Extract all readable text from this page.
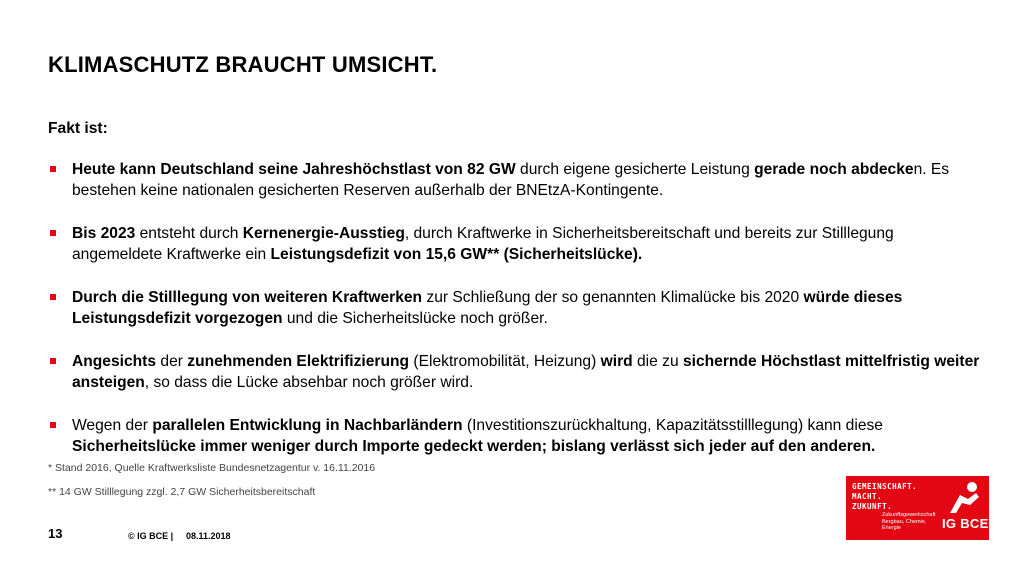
KLIMASCHUTZ BRAUCHT UMSICHT.
Fakt ist:
Heute kann Deutschland seine Jahreshöchstlast von 82 GW durch eigene gesicherte Leistung gerade noch abdecken. Es bestehen keine nationalen gesicherten Reserven außerhalb der BNEtzA-Kontingente.
Bis 2023 entsteht durch Kernenergie-Ausstieg, durch Kraftwerke in Sicherheitsbereitschaft und bereits zur Stilllegung angemeldete Kraftwerke ein Leistungsdefizit von 15,6 GW** (Sicherheitslücke).
Durch die Stilllegung von weiteren Kraftwerken zur Schließung der so genannten Klimalücke bis 2020 würde dieses Leistungsdefizit vorgezogen und die Sicherheitslücke noch größer.
Angesichts der zunehmenden Elektrifizierung (Elektromobilität, Heizung) wird die zu sichernde Höchstlast mittelfristig weiter ansteigen, so dass die Lücke absehbar noch größer wird.
Wegen der parallelen Entwicklung in Nachbarländern (Investitionszurückhaltung, Kapazitätsstilllegung) kann diese Sicherheitslücke immer weniger durch Importe gedeckt werden; bislang verlässt sich jeder auf den anderen.
* Stand 2016, Quelle Kraftwerksliste Bundesnetzagentur v. 16.11.2016
** 14 GW Stilllegung zzgl. 2,7 GW Sicherheitsbereitschaft
13	© IG BCE | 08.11.2018
GEMEINSCHAFT.
MACHT.
ZUKUNFT.
Zukunftsgewerkschaft
Bergbau, Chemie, Energie	IG BCE
